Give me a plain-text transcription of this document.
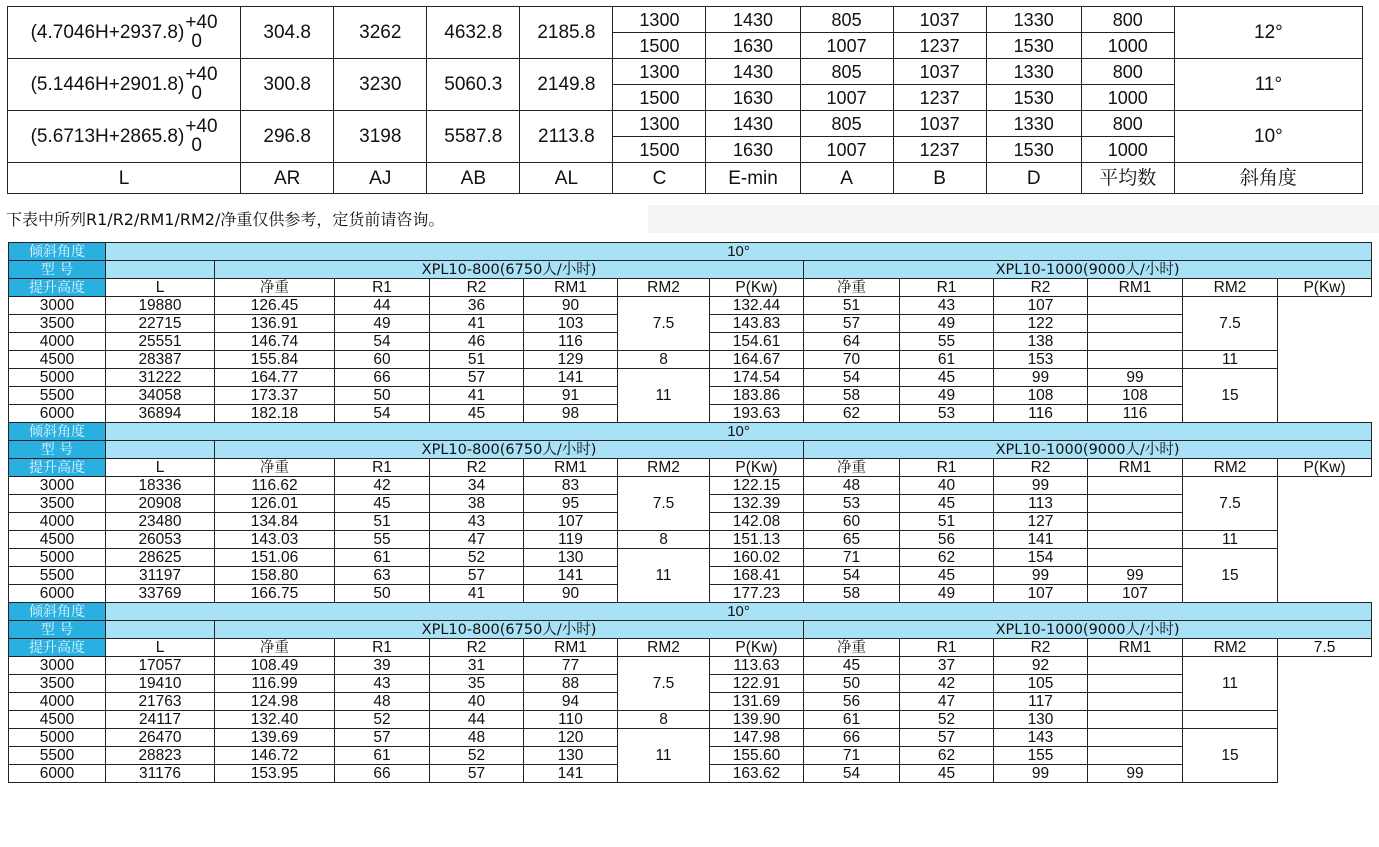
(4.7046H+2937.8) +40
0	304.8	3262	4632.8	2185.8	1300	1430	805	1037	1330	800	12°
					1500	1630	1007	1237	1530	1000	
(5.1446H+2901.8) +40
0	300.8	3230	5060.3	2149.8	1300	1430	805	1037	1330	800	11°
					1500	1630	1007	1237	1530	1000	
(5.6713H+2865.8) +40
0	296.8	3198	5587.8	2113.8	1300	1430	805	1037	1330	800	10°
					1500	1630	1007	1237	1530	1000	
L	AR	AJ	AB	AL	C	E-min	A	B	D	平均数	斜角度
下表中所列R1/R2/RM1/RM2/净重仅供参考，定货前请咨询。
倾斜角度	10°												
型 号		XPL10-800(6750人/小时)						XPL10-1000(9000人/小时)					
提升高度	L	净重	R1	R2	RM1	RM2	P(Kw)	净重	R1	R2	RM1	RM2	P(Kw)
3000	19880	126.45	44	36	90	7.5	132.44	51	43	107		7.5	
3500	22715	136.91	49	41	103		143.83	57	49	122			
4000	25551	146.74	54	46	116		154.61	64	55	138			
4500	28387	155.84	60	51	129	8	164.67	70	61	153		11	
5000	31222	164.77	66	57	141	11	174.54	54	45	99	99	15	
5500	34058	173.37	50	41	91		183.86	58	49	108	108		
6000	36894	182.18	54	45	98		193.63	62	53	116	116		
倾斜角度	10°												
型 号		XPL10-800(6750人/小时)						XPL10-1000(9000人/小时)					
提升高度	L	净重	R1	R2	RM1	RM2	P(Kw)	净重	R1	R2	RM1	RM2	P(Kw)
3000	18336	116.62	42	34	83	7.5	122.15	48	40	99		7.5	
3500	20908	126.01	45	38	95		132.39	53	45	113			
4000	23480	134.84	51	43	107		142.08	60	51	127			
4500	26053	143.03	55	47	119	8	151.13	65	56	141		11	
5000	28625	151.06	61	52	130	11	160.02	71	62	154		15	
5500	31197	158.80	63	57	141		168.41	54	45	99	99		
6000	33769	166.75	50	41	90		177.23	58	49	107	107		
倾斜角度	10°												
型 号		XPL10-800(6750人/小时)						XPL10-1000(9000人/小时)					
提升高度	L	净重	R1	R2	RM1	RM2	P(Kw)	净重	R1	R2	RM1	RM2	7.5
3000	17057	108.49	39	31	77	7.5	113.63	45	37	92		11	
3500	19410	116.99	43	35	88		122.91	50	42	105			
4000	21763	124.98	48	40	94		131.69	56	47	117			
4500	24117	132.40	52	44	110	8	139.90	61	52	130			
5000	26470	139.69	57	48	120	11	147.98	66	57	143		15	
5500	28823	146.72	61	52	130		155.60	71	62	155			
6000	31176	153.95	66	57	141		163.62	54	45	99	99		
